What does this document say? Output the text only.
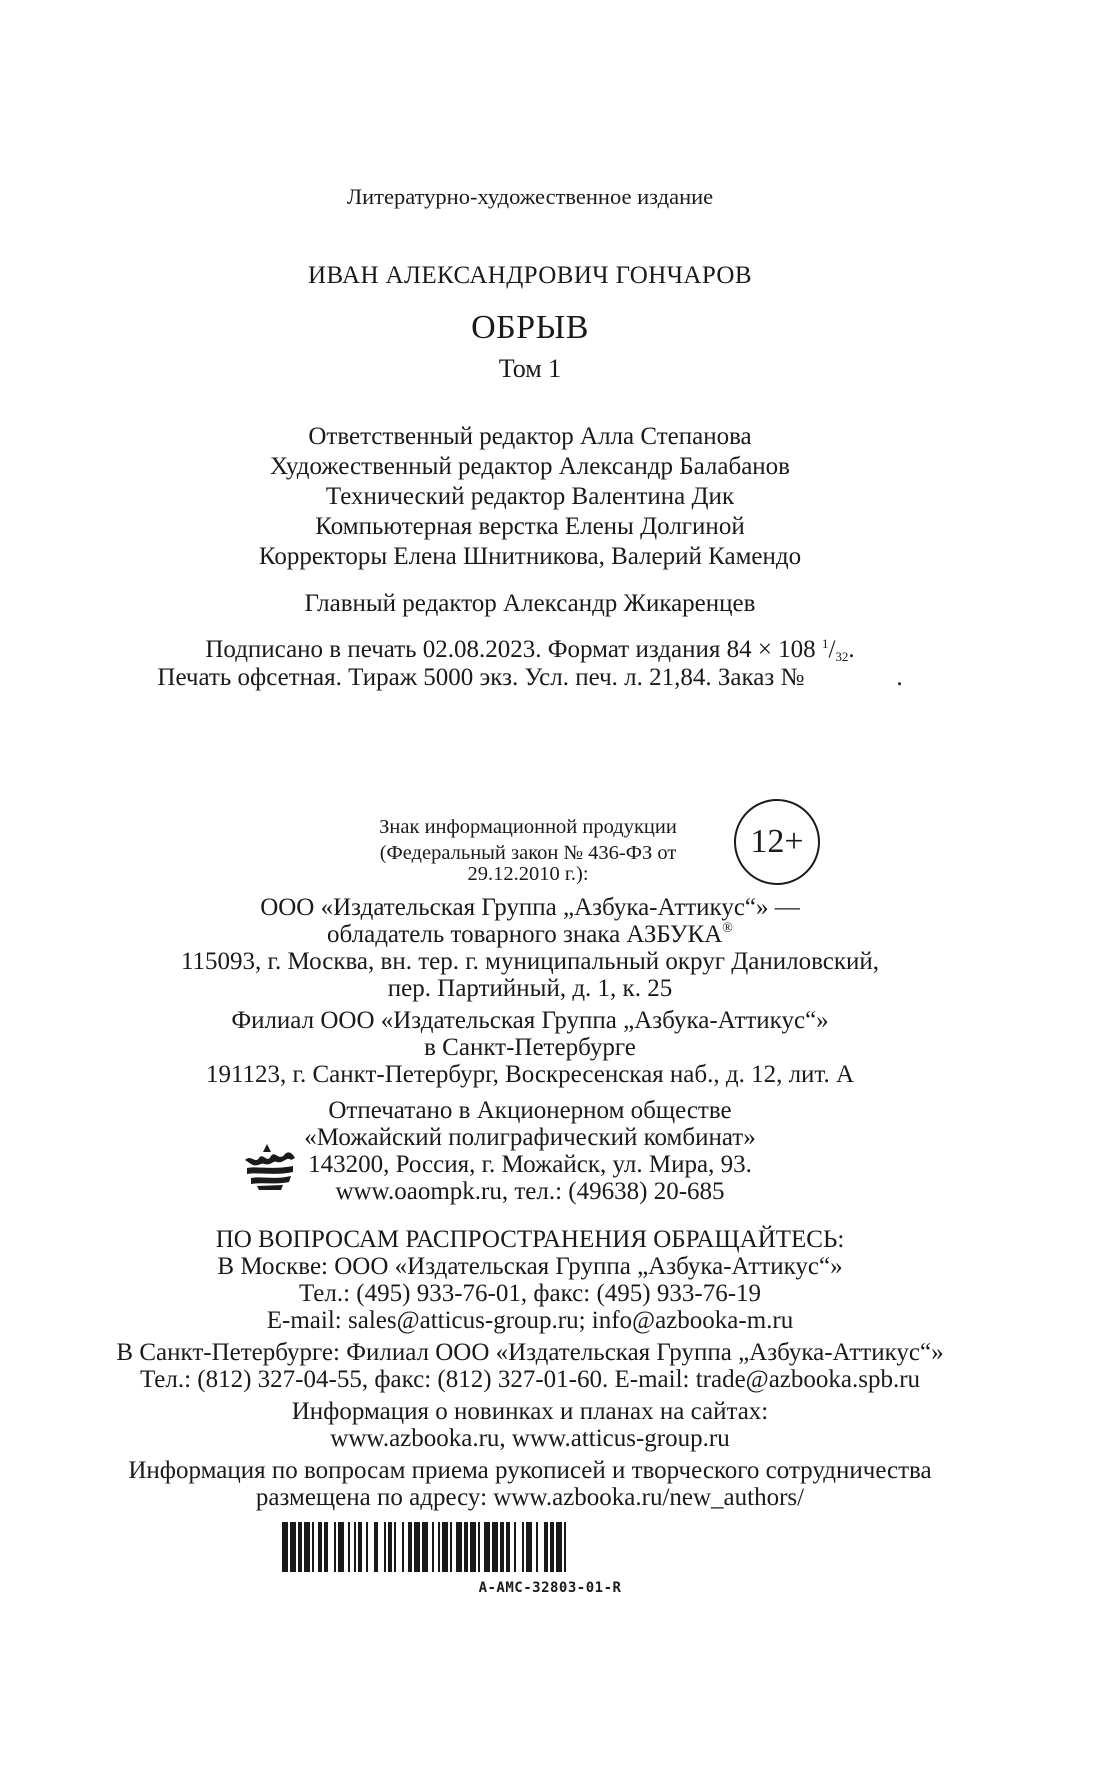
Литературно-художественное издание
ИВАН АЛЕКСАНДРОВИЧ ГОНЧАРОВ
ОБРЫВ
Том 1
Ответственный редактор Алла Степанова
Художественный редактор Александр Балабанов
Технический редактор Валентина Дик
Компьютерная верстка Елены Долгиной
Корректоры Елена Шнитникова, Валерий Камендо
Главный редактор Александр Жикаренцев
Подписано в печать 02.08.2023. Формат издания 84 × 108 $^1$/32.
Печать офсетная. Тираж 5000 экз. Усл. печ. л. 21,84. Заказ №	.
Знак информационной продукции
(Федеральный закон № 436-ФЗ от 29.12.2010 г.):
12+
ООО «Издательская Группа „Азбука-Аттикус“» —
обладатель товарного знака АЗБУКА®
115093, г. Москва, вн. тер. г. муниципальный округ Даниловский,
пер. Партийный, д. 1, к. 25
Филиал ООО «Издательская Группа „Азбука-Аттикус“»
в Санкт-Петербурге
191123, г. Санкт-Петербург, Воскресенская наб., д. 12, лит. А
Отпечатано в Акционерном обществе
«Можайский полиграфический комбинат»
143200, Россия, г. Можайск, ул. Мира, 93.
www.oaompk.ru, тел.: (49638) 20-685
ПО ВОПРОСАМ РАСПРОСТРАНЕНИЯ ОБРАЩАЙТЕСЬ:
В Москве: ООО «Издательская Группа „Азбука-Аттикус“»
Тел.: (495) 933-76-01, факс: (495) 933-76-19
E-mail: sales@atticus-group.ru; info@azbooka-m.ru
В Санкт-Петербурге: Филиал ООО «Издательская Группа „Азбука-Аттикус“»
Тел.: (812) 327-04-55, факс: (812) 327-01-60. E-mail: trade@azbooka.spb.ru
Информация о новинках и планах на сайтах:
www.azbooka.ru, www.atticus-group.ru
Информация по вопросам приема рукописей и творческого сотрудничества
размещена по адресу: www.azbooka.ru/new_authors/
A-AMC-32803-01-R
